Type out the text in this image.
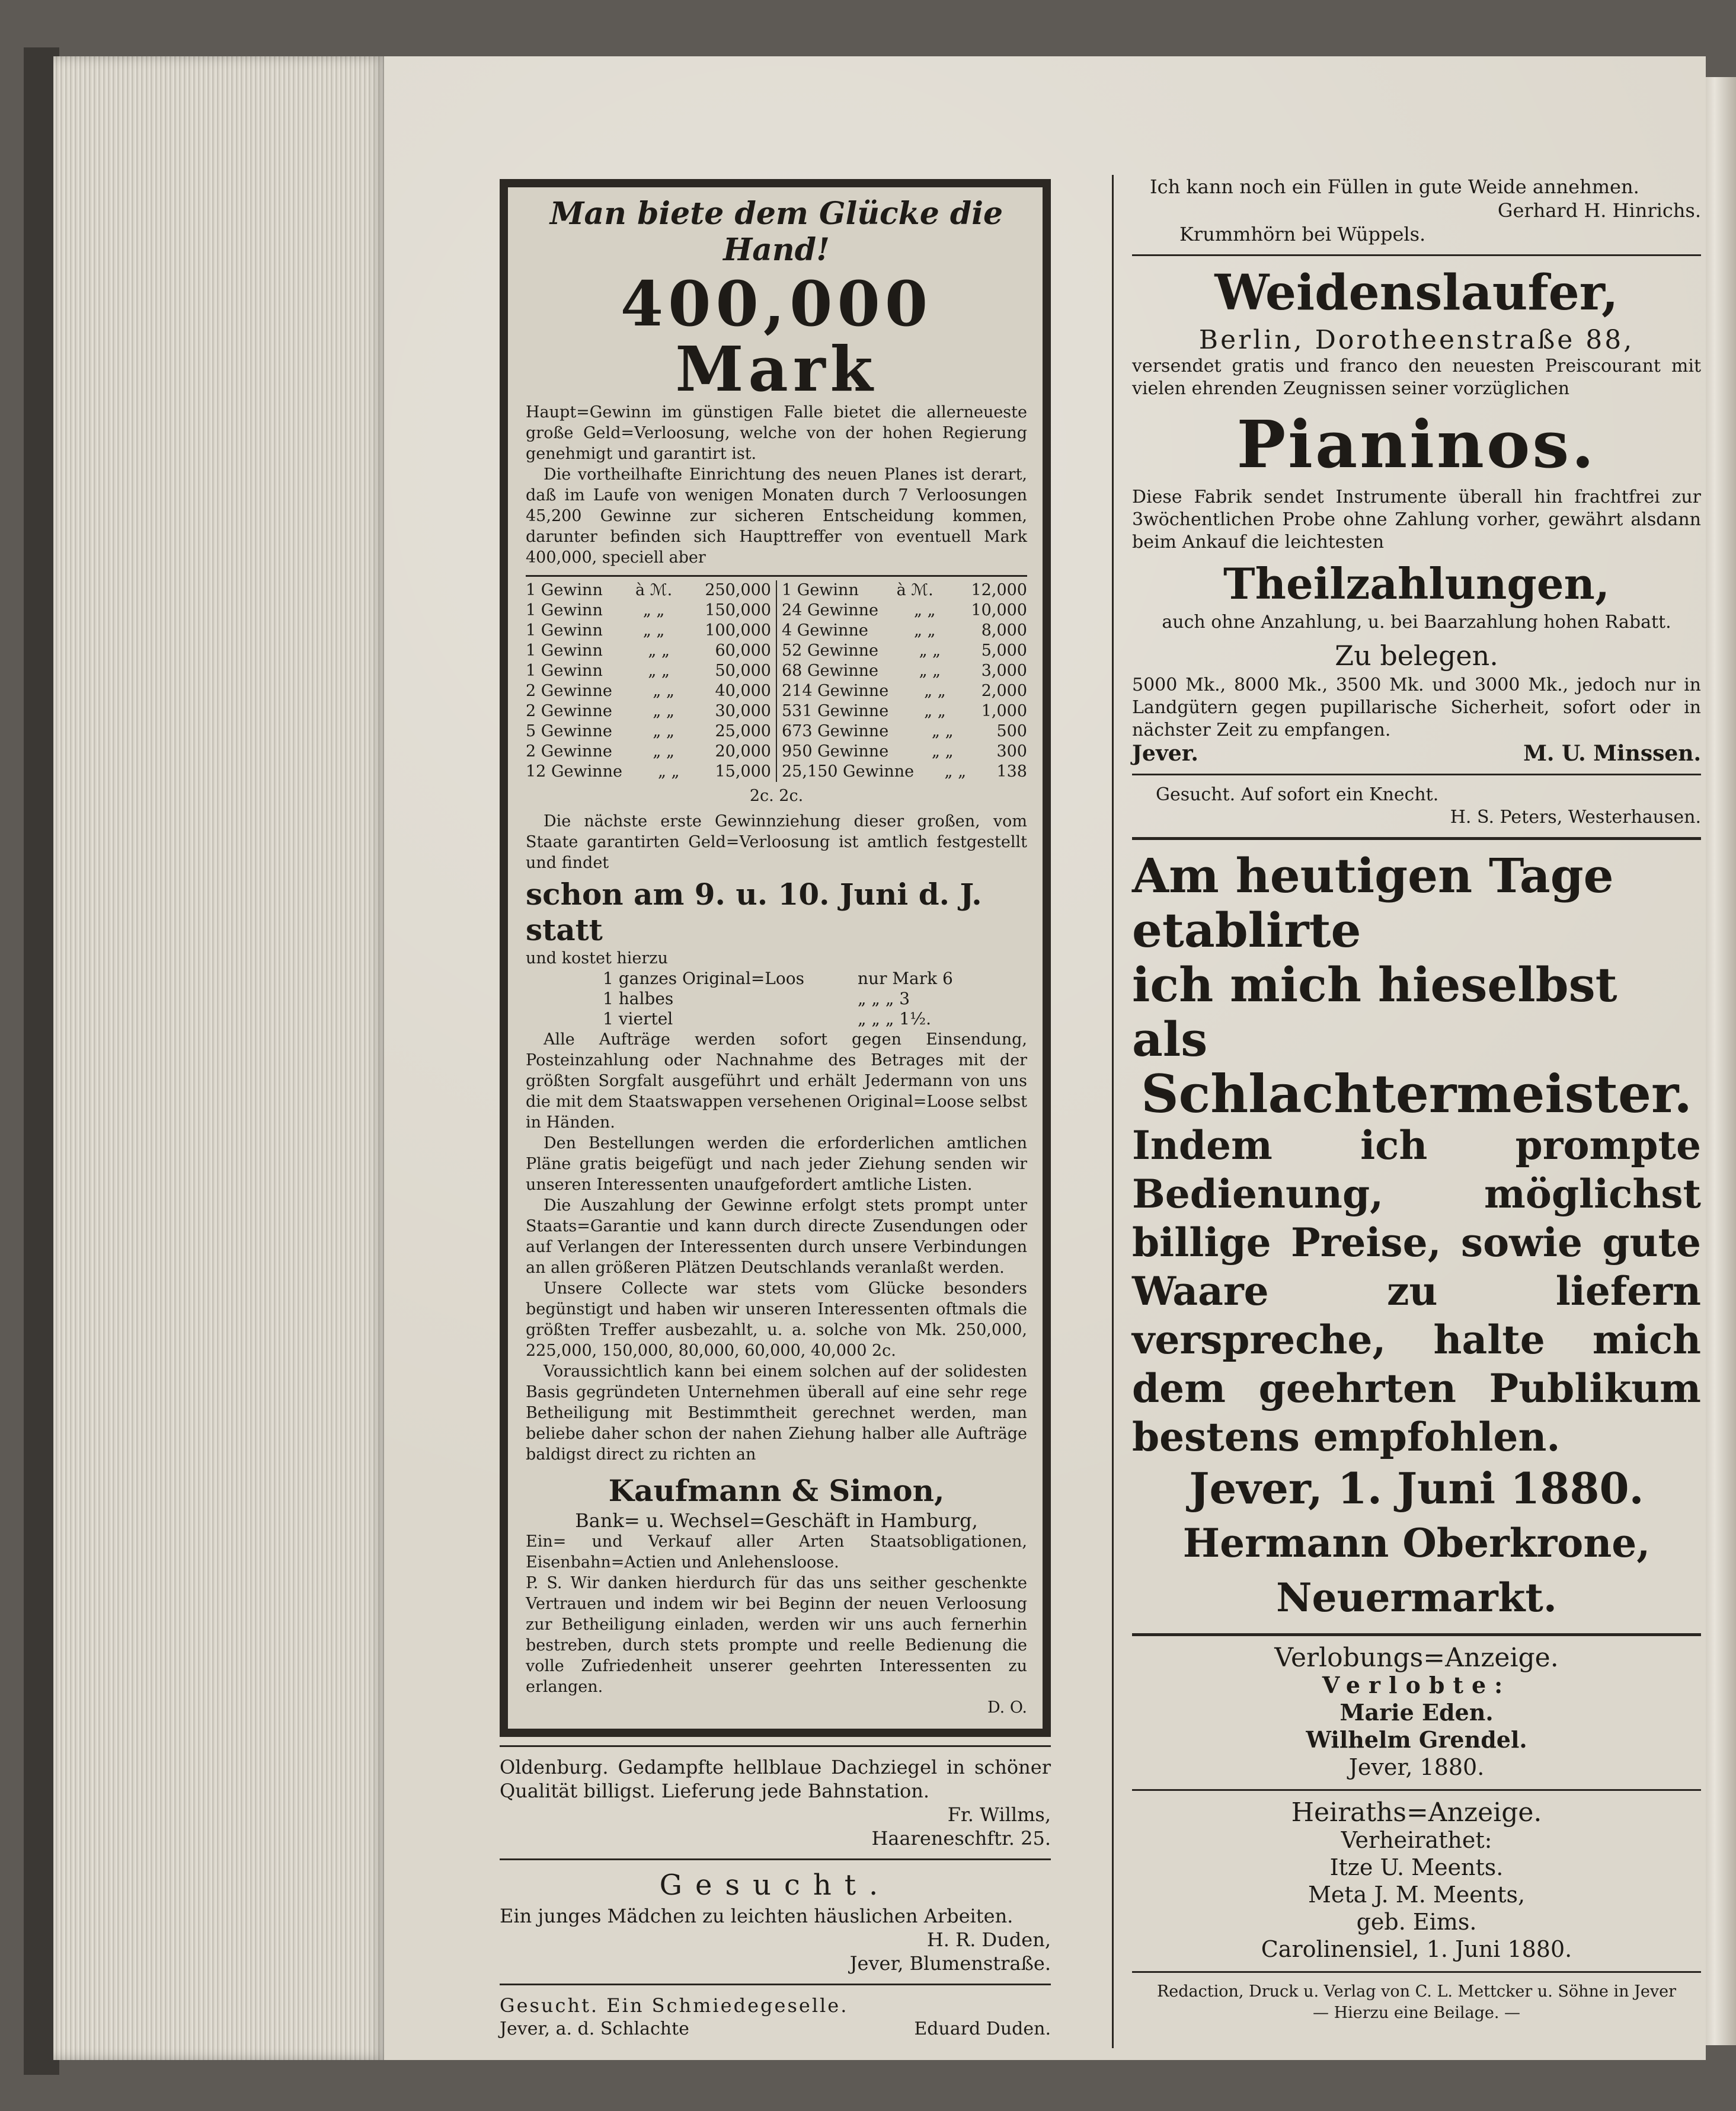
Man biete dem Glücke die Hand!

400,000 Mark

Haupt=Gewinn im günstigen Falle bietet die allerneueste große Geld=Verloosung, welche von der hohen Regierung genehmigt und garantirt ist.

Die vortheilhafte Einrichtung des neuen Planes ist derart, daß im Laufe von wenigen Monaten durch 7 Verloosungen 45,200 Gewinne zur sicheren Entscheidung kommen, darunter befinden sich Haupttreffer von eventuell Mark 400,000, speciell aber

1 Gewinn à ℳ. 250,000
1 Gewinn	„ „	150,000
1 Gewinn	„ „	100,000
1 Gewinn	„ „	60,000
1 Gewinn	„ „	50,000
2 Gewinne	„ „	40,000
2 Gewinne	„ „	30,000
5 Gewinne	„ „	25,000
2 Gewinne	„ „	20,000
12 Gewinne „ „ 15,000
1 Gewinn à ℳ. 12,000
24 Gewinne „ „ 10,000
4 Gewinne	„ „	8,000
52 Gewinne	„ „	5,000
68 Gewinne	„ „	3,000
214 Gewinne „ „ 2,000
531 Gewinne „ „ 1,000
673 Gewinne	„ „	500
950 Gewinne	„ „	300
25,150 Gewinne „ „ 138

2c. 2c.

Die nächste erste Gewinnziehung dieser großen, vom Staate garantirten Geld=Verloosung ist amtlich festgestellt und findet

schon am 9. u. 10. Juni d. J. statt

und kostet hierzu

1 ganzes Original=Loos	nur Mark 6
1 halbes	„ „ „ 3
1 viertel	„ „ „ 1½.

Alle Aufträge werden sofort gegen Einsendung, Posteinzahlung oder Nachnahme des Betrages mit der größten Sorgfalt ausgeführt und erhält Jedermann von uns die mit dem Staatswappen versehenen Original=Loose selbst in Händen.

Den Bestellungen werden die erforderlichen amtlichen Pläne gratis beigefügt und nach jeder Ziehung senden wir unseren Interessenten unaufgefordert amtliche Listen.

Die Auszahlung der Gewinne erfolgt stets prompt unter Staats=Garantie und kann durch directe Zusendungen oder auf Verlangen der Interessenten durch unsere Verbindungen an allen größeren Plätzen Deutschlands veranlaßt werden.

Unsere Collecte war stets vom Glücke besonders begünstigt und haben wir unseren Interessenten oftmals die größten Treffer ausbezahlt, u. a. solche von Mk. 250,000, 225,000, 150,000, 80,000, 60,000, 40,000 2c.

Voraussichtlich kann bei einem solchen auf der solidesten Basis gegründeten Unternehmen überall auf eine sehr rege Betheiligung mit Bestimmtheit gerechnet werden, man beliebe daher schon der nahen Ziehung halber alle Aufträge baldigst direct zu richten an

Kaufmann & Simon,

Bank= u. Wechsel=Geschäft in Hamburg,

Ein= und Verkauf aller Arten Staatsobligationen, Eisenbahn=Actien und Anlehensloose.

P. S. Wir danken hierdurch für das uns seither geschenkte Vertrauen und indem wir bei Beginn der neuen Verloosung zur Betheiligung einladen, werden wir uns auch fernerhin bestreben, durch stets prompte und reelle Bedienung die volle Zufriedenheit unserer geehrten Interessenten zu erlangen.

D. O.

Oldenburg. Gedampfte hellblaue Dachziegel in schöner Qualität billigst. Lieferung jede Bahnstation.

Fr. Willms,

Haareneschftr. 25.

Gesucht.

Ein junges Mädchen zu leichten häuslichen Arbeiten.

H. R. Duden,

Jever, Blumenstraße.

Gesucht. Ein Schmiedegeselle.

Jever, a. d. Schlachte	Eduard Duden.

Ich kann noch ein Füllen in gute Weide annehmen.

Gerhard H. Hinrichs.

Krummhörn bei Wüppels.

Weidenslaufer,

Berlin, Dorotheenstraße 88,

versendet gratis und franco den neuesten Preiscourant mit vielen ehrenden Zeugnissen seiner vorzüglichen

Pianinos.

Diese Fabrik sendet Instrumente überall hin frachtfrei zur 3wöchentlichen Probe ohne Zahlung vorher, gewährt alsdann beim Ankauf die leichtesten

Theilzahlungen,

auch ohne Anzahlung, u. bei Baarzahlung hohen Rabatt.

Zu belegen.

5000 Mk., 8000 Mk., 3500 Mk. und 3000 Mk., jedoch nur in Landgütern gegen pupillarische Sicherheit, sofort oder in nächster Zeit zu empfangen.

Jever.	M. U. Minssen.

Gesucht. Auf sofort ein Knecht.

H. S. Peters, Westerhausen.

Am heutigen Tage etablirte

ich mich hieselbst als

Schlachtermeister.

Indem ich prompte Bedienung, möglichst billige Preise, sowie gute Waare zu liefern verspreche, halte mich dem geehrten Publikum bestens empfohlen.

Jever, 1. Juni 1880.

Hermann Oberkrone,

Neuermarkt.

Verlobungs=Anzeige.

Verlobte:

Marie Eden.

Wilhelm Grendel.

Jever, 1880.

Heiraths=Anzeige.

Verheirathet:

Itze U. Meents.

Meta J. M. Meents,

geb. Eims.

Carolinensiel, 1. Juni 1880.

Redaction, Druck u. Verlag von C. L. Mettcker u. Söhne in Jever

— Hierzu eine Beilage. —
